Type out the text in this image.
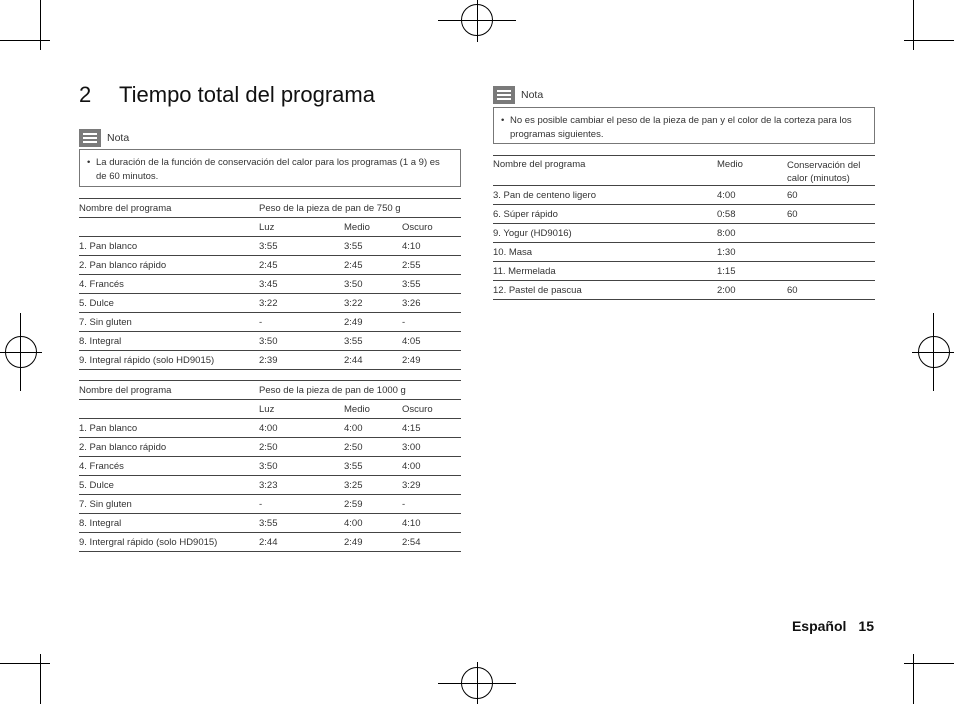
2 Tiempo total del programa
Nota
• La duración de la función de conservación del calor para los programas (1 a 9) es de 60 minutos.
Nombre del programa	Peso de la pieza de pan de 750 g		
	Luz	Medio	Oscuro
1. Pan blanco	3:55	3:55	4:10
2. Pan blanco rápido	2:45	2:45	2:55
4. Francés	3:45	3:50	3:55
5. Dulce	3:22	3:22	3:26
7. Sin gluten	-	2:49	-
8. Integral	3:50	3:55	4:05
9. Integral rápido (solo HD9015)	2:39	2:44	2:49
Nombre del programa	Peso de la pieza de pan de 1000 g		
	Luz	Medio	Oscuro
1. Pan blanco	4:00	4:00	4:15
2. Pan blanco rápido	2:50	2:50	3:00
4. Francés	3:50	3:55	4:00
5. Dulce	3:23	3:25	3:29
7. Sin gluten	-	2:59	-
8. Integral	3:55	4:00	4:10
9. Intergral rápido (solo HD9015)	2:44	2:49	2:54
Nota
• No es posible cambiar el peso de la pieza de pan y el color de la corteza para los programas siguientes.
Nombre del programa	Medio	Conservación del calor (minutos)
3. Pan de centeno ligero	4:00	60
6. Súper rápido	0:58	60
9. Yogur (HD9016)	8:00	
10. Masa	1:30	
11. Mermelada	1:15	
12. Pastel de pascua	2:00	60
Español 15
